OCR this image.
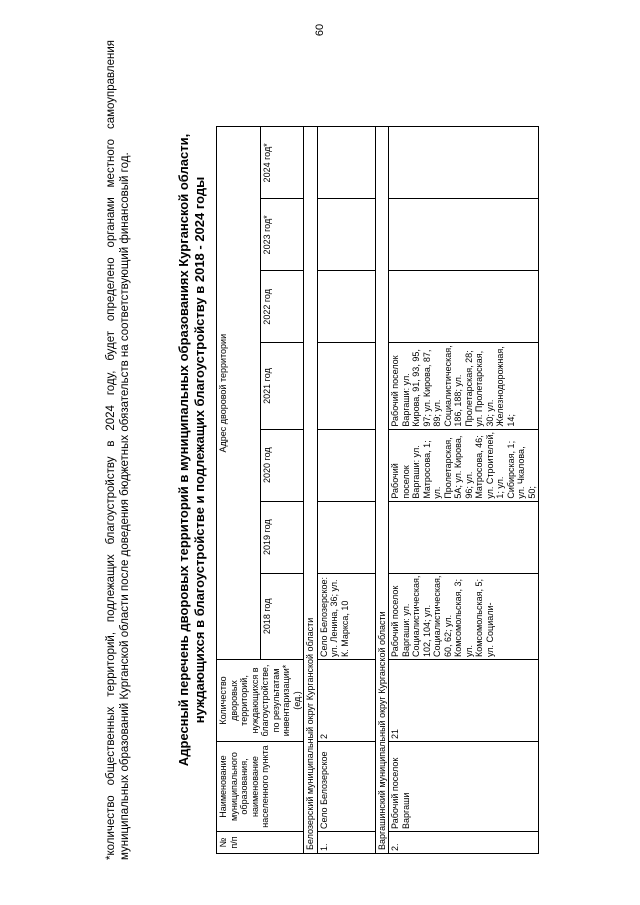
60
*количество общественных территорий, подлежащих благоустройству в 2024 году, будет определено органами местного самоуправления муниципальных образований Курганской области после доведения бюджетных обязательств на соответствующий финансовый год.	Адресный перечень дворовых территорий в муниципальных образованиях Курганской области, нуждающихся в благоустройстве и подлежащих благоустройству в 2018 - 2024 годы
№ п/п	Наименование муниципального образования, наименование населенного пункта	Количество дворовых территорий, нуждающихся в благоустройстве, по результатам инвентаризации* (ед.)	Адрес дворовой территории						
			2018 год	2019 год	2020 год	2021 год	2022 год	2023 год*	2024 год*
Белозерский муниципальный округ Курганской области									
1.	Село Белозерское	2	Село Белозерское: ул. Ленина, 36; ул. К. Маркса, 10						
Варгашинский муниципальный округ Курганской области									
2.	Рабочий поселок Варгаши	21	Рабочий поселок Варгаши: ул. Социалистическая, 102, 104; ул. Социалистическая, 60, 62; ул. Комсомольская, 3; ул. Комсомольская, 5; ул. Социали-		Рабочий поселок Варгаши: ул. Матросова, 1; ул. Пролетарская, 5А; ул. Кирова, 96; ул. Матросова, 46; ул. Строителей, 1; ул. Сибирская, 1; ул. Чкалова, 50;	Рабочий поселок Варгаши: ул. Кирова, 91, 93, 95, 97; ул. Кирова, 87, 89; ул. Социалистическая, 186, 188; ул. Пролетарская, 28; ул. Пролетарская, 30; ул. Железнодорожная, 14;			
